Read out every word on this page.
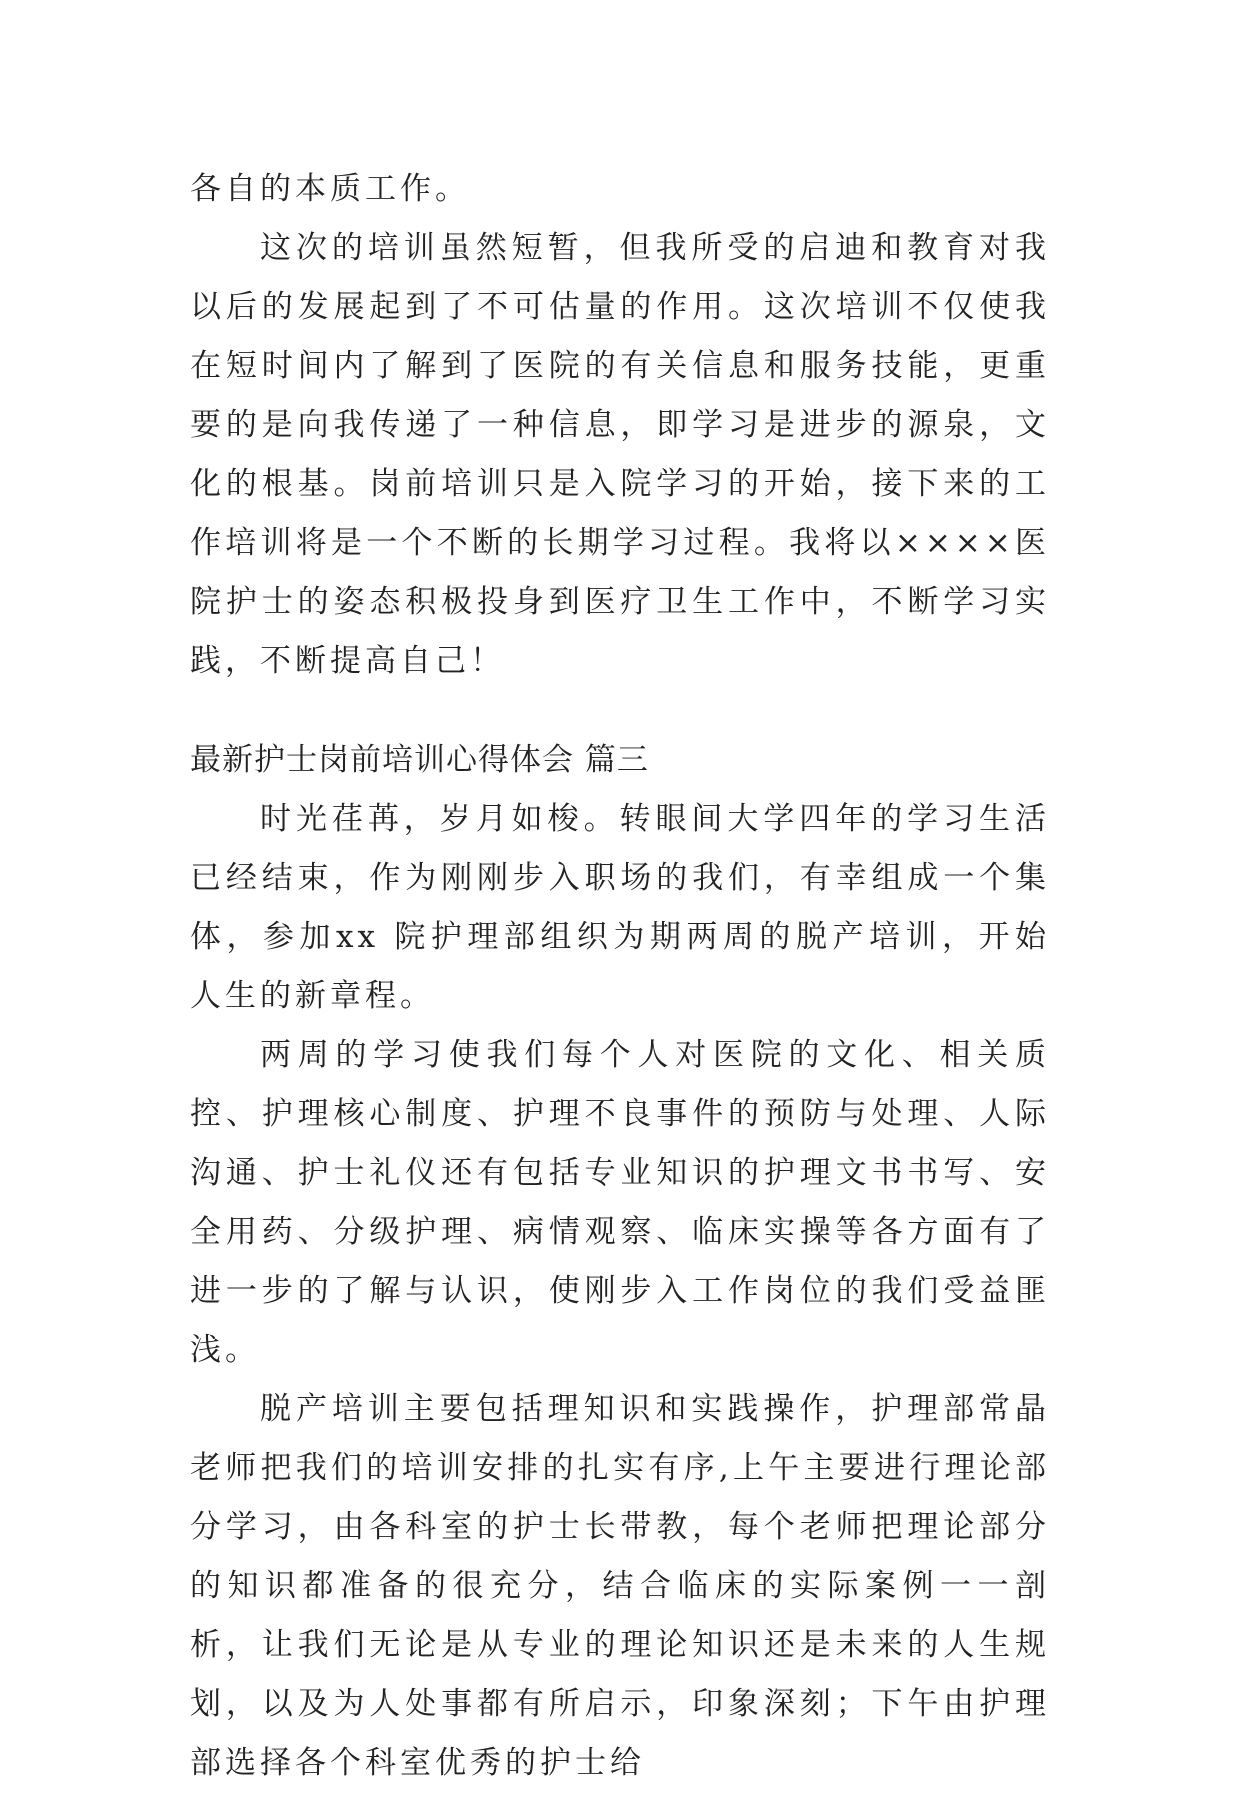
各自的本质工作。

这次的培训虽然短暂，但我所受的启迪和教育对我以后的发展起到了不可估量的作用。这次培训不仅使我在短时间内了解到了医院的有关信息和服务技能，更重要的是向我传递了一种信息，即学习是进步的源泉，文化的根基。岗前培训只是入院学习的开始，接下来的工作培训将是一个不断的长期学习过程。我将以××××医院护士的姿态积极投身到医疗卫生工作中，不断学习实践，不断提高自己！

最新护士岗前培训心得体会 篇三

时光荏苒，岁月如梭。转眼间大学四年的学习生活已经结束，作为刚刚步入职场的我们，有幸组成一个集体，参加xx 院护理部组织为期两周的脱产培训，开始人生的新章程。

两周的学习使我们每个人对医院的文化、相关质控、护理核心制度、护理不良事件的预防与处理、人际沟通、护士礼仪还有包括专业知识的护理文书书写、安全用药、分级护理、病情观察、临床实操等各方面有了进一步的了解与认识，使刚步入工作岗位的我们受益匪浅。

脱产培训主要包括理知识和实践操作，护理部常晶老师把我们的培训安排的扎实有序,上午主要进行理论部分学习，由各科室的护士长带教，每个老师把理论部分的知识都准备的很充分，结合临床的实际案例一一剖析，让我们无论是从专业的理论知识还是未来的人生规划，以及为人处事都有所启示，印象深刻；下午由护理部选择各个科室优秀的护士给
